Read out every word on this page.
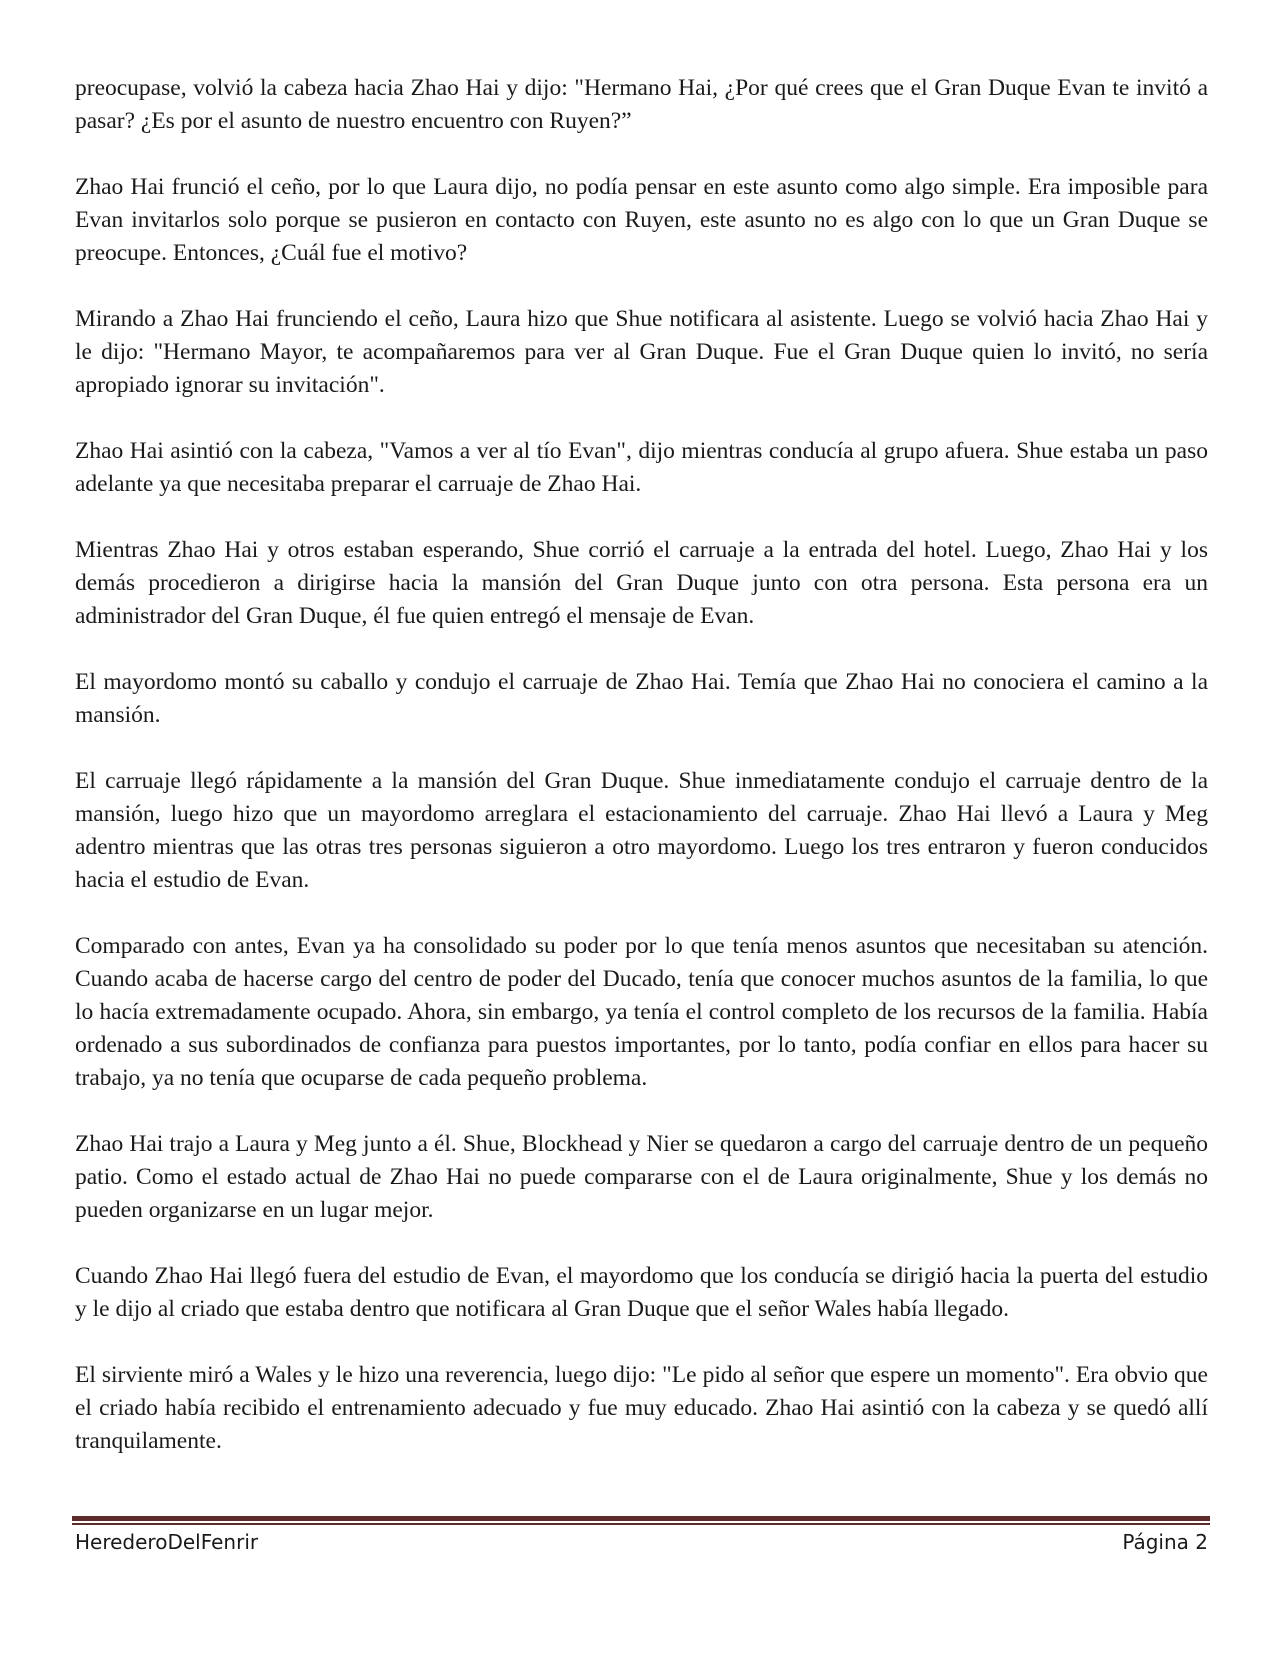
preocupase, volvió la cabeza hacia Zhao Hai y dijo: "Hermano Hai, ¿Por qué crees que el Gran Duque Evan te invitó a pasar? ¿Es por el asunto de nuestro encuentro con Ruyen?”

Zhao Hai frunció el ceño, por lo que Laura dijo, no podía pensar en este asunto como algo simple. Era imposible para Evan invitarlos solo porque se pusieron en contacto con Ruyen, este asunto no es algo con lo que un Gran Duque se preocupe. Entonces, ¿Cuál fue el motivo?

Mirando a Zhao Hai frunciendo el ceño, Laura hizo que Shue notificara al asistente. Luego se volvió hacia Zhao Hai y le dijo: "Hermano Mayor, te acompañaremos para ver al Gran Duque. Fue el Gran Duque quien lo invitó, no sería apropiado ignorar su invitación".

Zhao Hai asintió con la cabeza, "Vamos a ver al tío Evan", dijo mientras conducía al grupo afuera. Shue estaba un paso adelante ya que necesitaba preparar el carruaje de Zhao Hai.

Mientras Zhao Hai y otros estaban esperando, Shue corrió el carruaje a la entrada del hotel. Luego, Zhao Hai y los demás procedieron a dirigirse hacia la mansión del Gran Duque junto con otra persona. Esta persona era un administrador del Gran Duque, él fue quien entregó el mensaje de Evan.

El mayordomo montó su caballo y condujo el carruaje de Zhao Hai. Temía que Zhao Hai no conociera el camino a la mansión.

El carruaje llegó rápidamente a la mansión del Gran Duque. Shue inmediatamente condujo el carruaje dentro de la mansión, luego hizo que un mayordomo arreglara el estacionamiento del carruaje. Zhao Hai llevó a Laura y Meg adentro mientras que las otras tres personas siguieron a otro mayordomo. Luego los tres entraron y fueron conducidos hacia el estudio de Evan.

Comparado con antes, Evan ya ha consolidado su poder por lo que tenía menos asuntos que necesitaban su atención. Cuando acaba de hacerse cargo del centro de poder del Ducado, tenía que conocer muchos asuntos de la familia, lo que lo hacía extremadamente ocupado. Ahora, sin embargo, ya tenía el control completo de los recursos de la familia. Había ordenado a sus subordinados de confianza para puestos importantes, por lo tanto, podía confiar en ellos para hacer su trabajo, ya no tenía que ocuparse de cada pequeño problema.

Zhao Hai trajo a Laura y Meg junto a él. Shue, Blockhead y Nier se quedaron a cargo del carruaje dentro de un pequeño patio. Como el estado actual de Zhao Hai no puede compararse con el de Laura originalmente, Shue y los demás no pueden organizarse en un lugar mejor.

Cuando Zhao Hai llegó fuera del estudio de Evan, el mayordomo que los conducía se dirigió hacia la puerta del estudio y le dijo al criado que estaba dentro que notificara al Gran Duque que el señor Wales había llegado.

El sirviente miró a Wales y le hizo una reverencia, luego dijo: "Le pido al señor que espere un momento". Era obvio que el criado había recibido el entrenamiento adecuado y fue muy educado. Zhao Hai asintió con la cabeza y se quedó allí tranquilamente.

HerederoDelFenrir	Página 2
